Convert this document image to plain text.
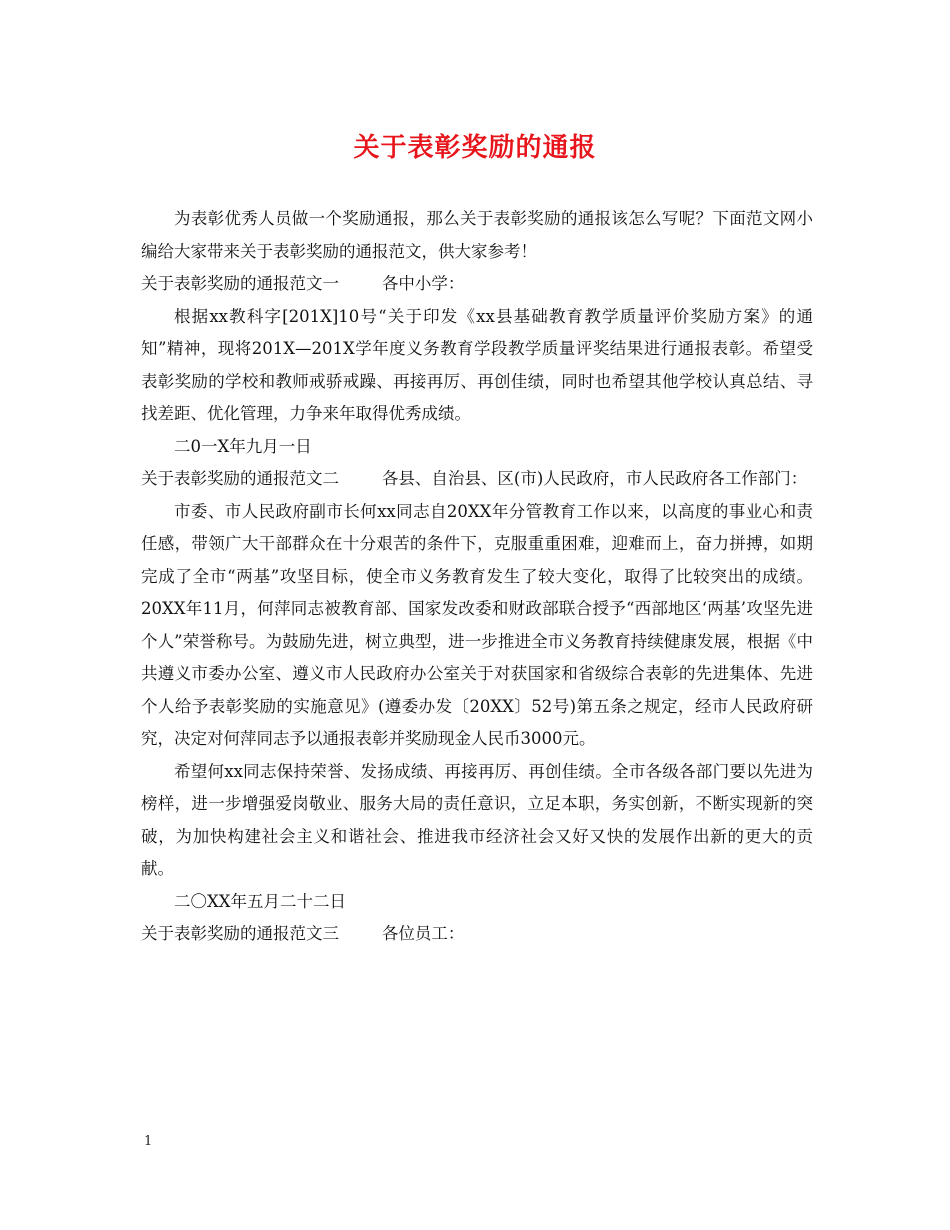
关于表彰奖励的通报

为表彰优秀人员做一个奖励通报，那么关于表彰奖励的通报该怎么写呢？下面范文网小编给大家带来关于表彰奖励的通报范文，供大家参考！

关于表彰奖励的通报范文一	各中小学：

根据xx教科字[201X]10号“关于印发《xx县基础教育教学质量评价奖励方案》的通知”精神，现将201X—201X学年度义务教育学段教学质量评奖结果进行通报表彰。希望受表彰奖励的学校和教师戒骄戒躁、再接再厉、再创佳绩，同时也希望其他学校认真总结、寻找差距、优化管理，力争来年取得优秀成绩。

二0一X年九月一日

关于表彰奖励的通报范文二	各县、自治县、区(市)人民政府，市人民政府各工作部门：

市委、市人民政府副市长何xx同志自20XX年分管教育工作以来，以高度的事业心和责任感，带领广大干部群众在十分艰苦的条件下，克服重重困难，迎难而上，奋力拼搏，如期完成了全市“两基”攻坚目标，使全市义务教育发生了较大变化，取得了比较突出的成绩。20XX年11月，何萍同志被教育部、国家发改委和财政部联合授予“西部地区‘两基’攻坚先进个人”荣誉称号。为鼓励先进，树立典型，进一步推进全市义务教育持续健康发展，根据《中共遵义市委办公室、遵义市人民政府办公室关于对获国家和省级综合表彰的先进集体、先进个人给予表彰奖励的实施意见》(遵委办发〔20XX〕52号)第五条之规定，经市人民政府研究，决定对何萍同志予以通报表彰并奖励现金人民币3000元。

希望何xx同志保持荣誉、发扬成绩、再接再厉、再创佳绩。全市各级各部门要以先进为榜样，进一步增强爱岗敬业、服务大局的责任意识，立足本职，务实创新，不断实现新的突破，为加快构建社会主义和谐社会、推进我市经济社会又好又快的发展作出新的更大的贡献。

二〇XX年五月二十二日

关于表彰奖励的通报范文三	各位员工：

1
